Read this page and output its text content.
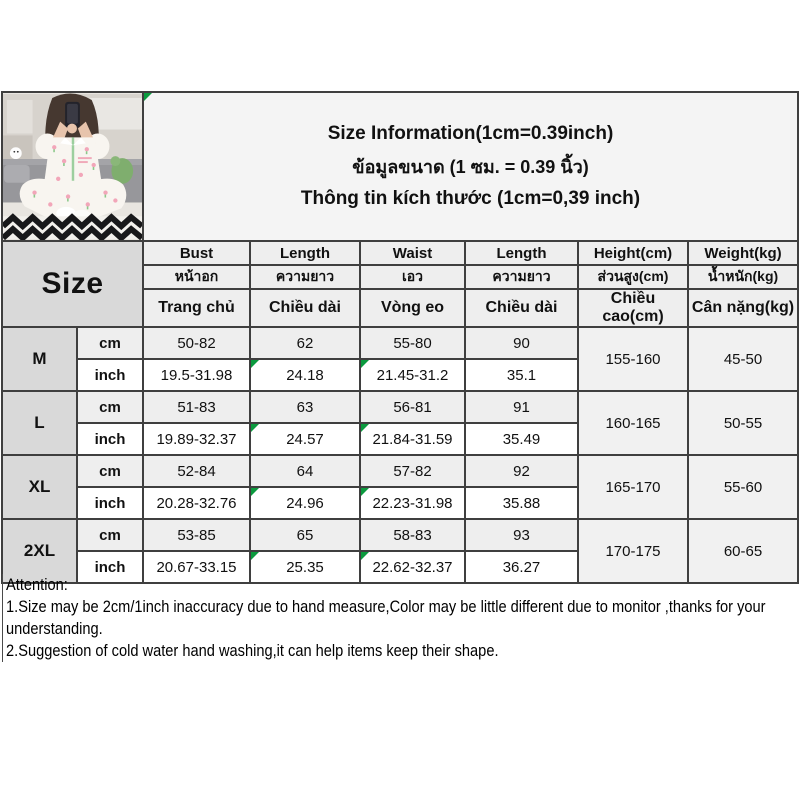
Size Information(1cm=0.39inch)
ข้อมูลขนาด (1 ซม. = 0.39 นิ้ว)
Thông tin kích thước (1cm=0,39 inch)					

Size		Bust	Length	Waist	Length	Height(cm)	Weight(kg)
		หน้าอก	ความยาว	เอว	ความยาว	ส่วนสูง(cm)	น้ำหนัก(kg)
		Trang chủ	Chiều dài	Vòng eo	Chiều dài	Chiều cao(cm)	Cân nặng(kg)
M	cm	50-82	62	55-80	90	155-160	45-50
	inch	19.5-31.98	24.18	21.45-31.2	35.1		
L	cm	51-83	63	56-81	91	160-165	50-55
	inch	19.89-32.37	24.57	21.84-31.59	35.49		
XL	cm	52-84	64	57-82	92	165-170	55-60
	inch	20.28-32.76	24.96	22.23-31.98	35.88		
2XL	cm	53-85	65	58-83	93	170-175	60-65
	inch	20.67-33.15	25.35	22.62-32.37	36.27		
Attention:
1.Size may be 2cm/1inch inaccuracy due to hand measure,Color may be little different due to monitor ,thanks for your understanding.
2.Suggestion of cold water hand washing,it can help items keep their shape.
